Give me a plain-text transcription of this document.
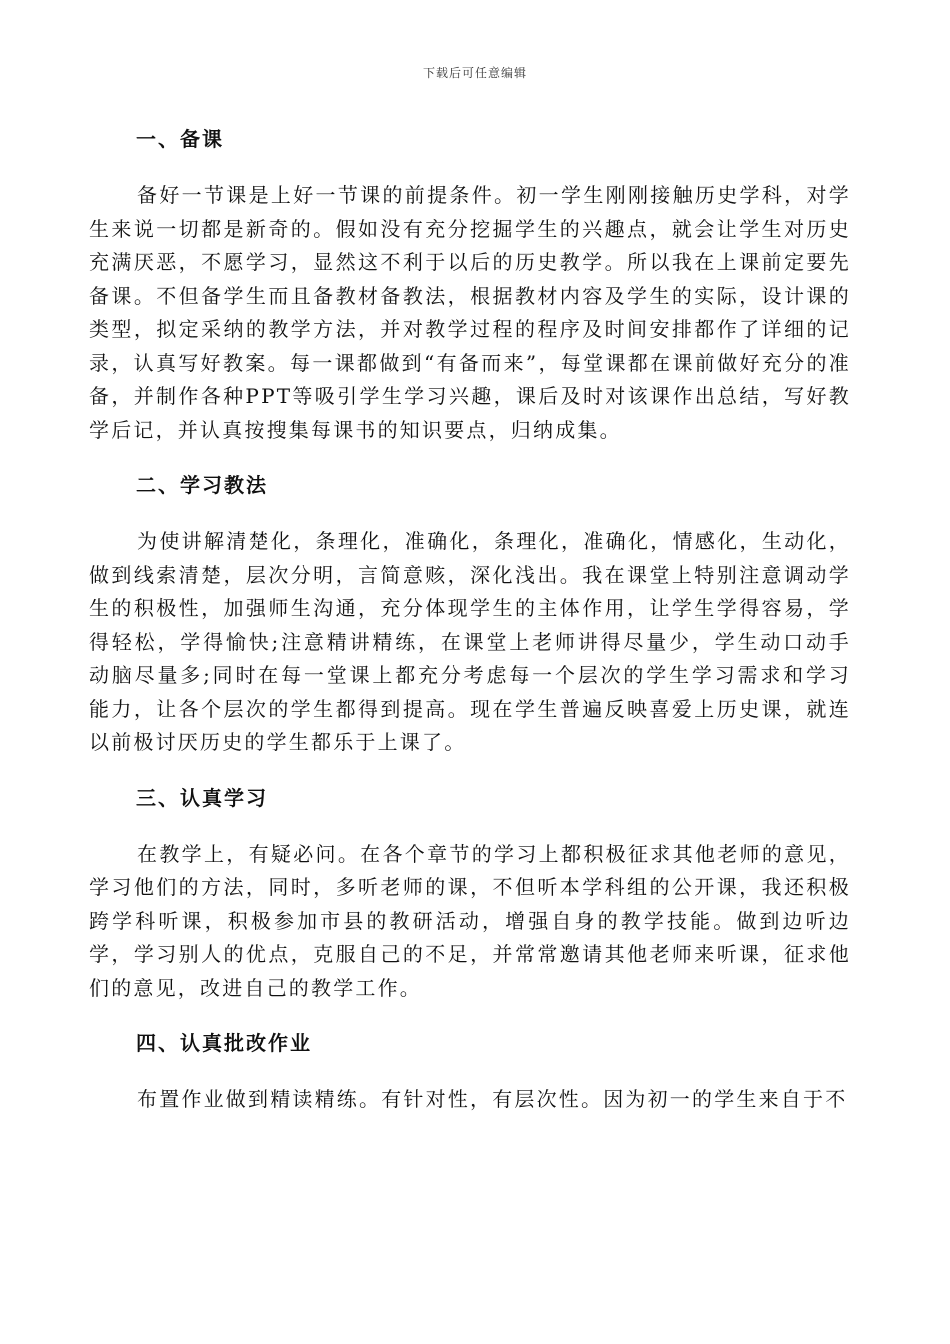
下载后可任意编辑
一、备课

备好一节课是上好一节课的前提条件。初一学生刚刚接触历史学科，对学生来说一切都是新奇的。假如没有充分挖掘学生的兴趣点，就会让学生对历史充满厌恶，不愿学习，显然这不利于以后的历史教学。所以我在上课前定要先备课。不但备学生而且备教材备教法，根据教材内容及学生的实际，设计课的类型，拟定采纳的教学方法，并对教学过程的程序及时间安排都作了详细的记录，认真写好教案。每一课都做到“有备而来”，每堂课都在课前做好充分的准备，并制作各种PPT等吸引学生学习兴趣，课后及时对该课作出总结，写好教学后记，并认真按搜集每课书的知识要点，归纳成集。

二、学习教法

为使讲解清楚化，条理化，准确化，条理化，准确化，情感化，生动化，做到线索清楚，层次分明，言简意赅，深化浅出。我在课堂上特别注意调动学生的积极性，加强师生沟通，充分体现学生的主体作用，让学生学得容易，学得轻松，学得愉快;注意精讲精练，在课堂上老师讲得尽量少，学生动口动手动脑尽量多;同时在每一堂课上都充分考虑每一个层次的学生学习需求和学习能力，让各个层次的学生都得到提高。现在学生普遍反映喜爱上历史课，就连以前极讨厌历史的学生都乐于上课了。

三、认真学习

在教学上，有疑必问。在各个章节的学习上都积极征求其他老师的意见，学习他们的方法，同时，多听老师的课，不但听本学科组的公开课，我还积极跨学科听课，积极参加市县的教研活动，增强自身的教学技能。做到边听边学，学习别人的优点，克服自己的不足，并常常邀请其他老师来听课，征求他们的意见，改进自己的教学工作。

四、认真批改作业

布置作业做到精读精练。有针对性，有层次性。因为初一的学生来自于不
